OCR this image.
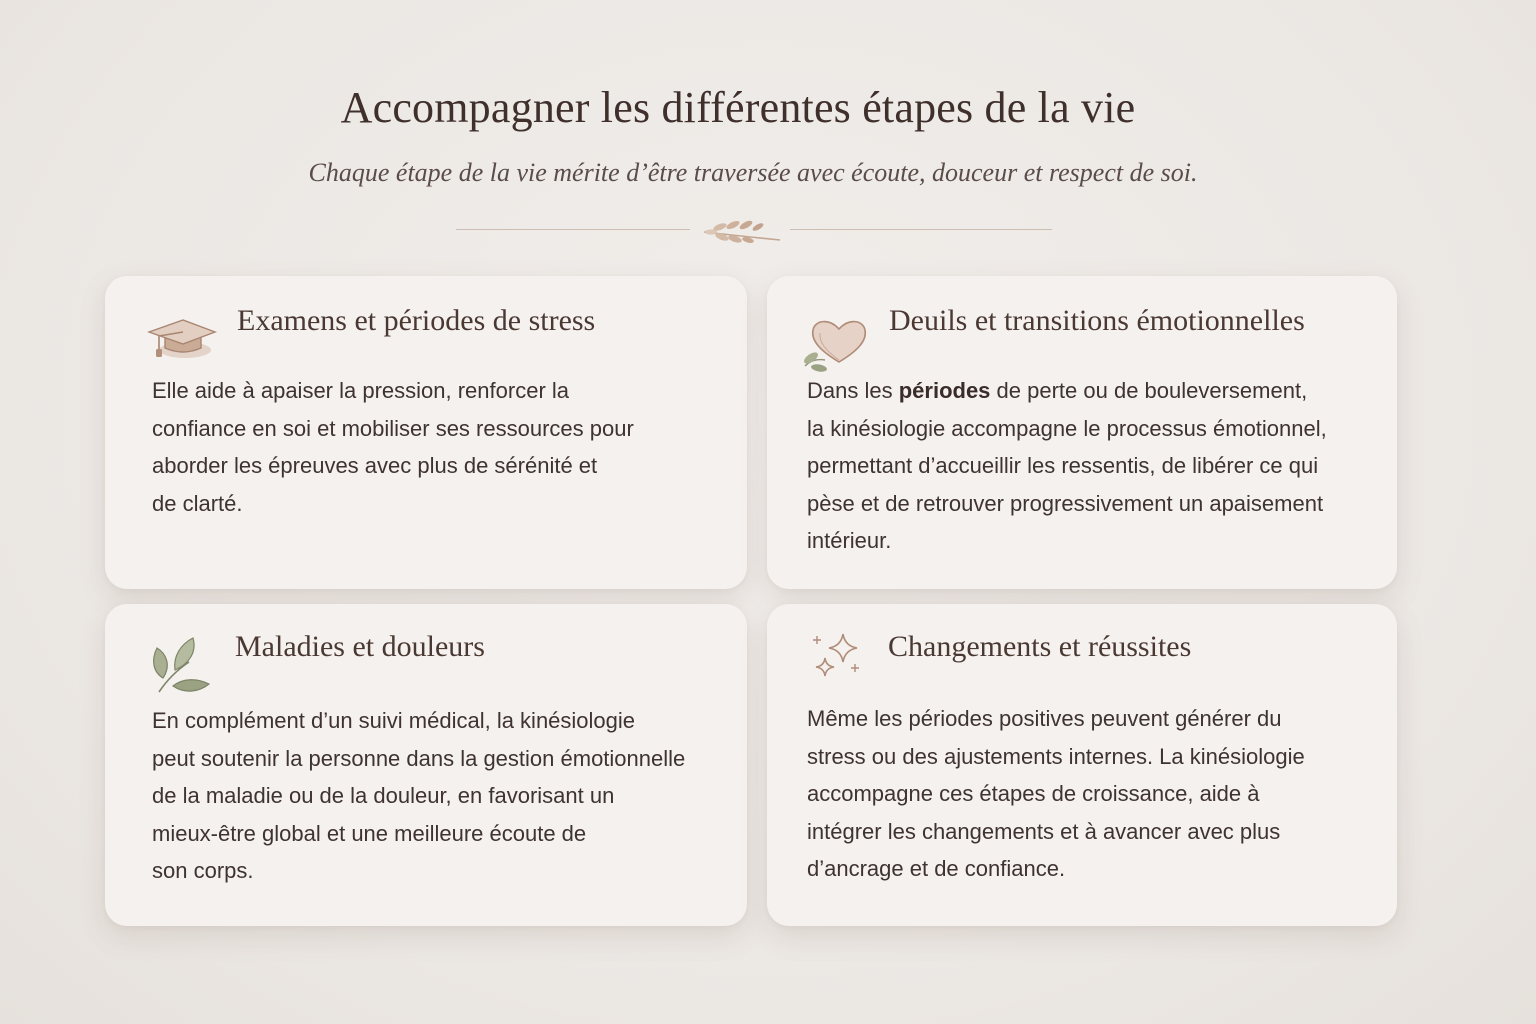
Accompagner les différentes étapes de la vie

Chaque étape de la vie mérite d’être traversée avec écoute, douceur et respect de soi.

Examens et périodes de stress
Elle aide à apaiser la pression, renforcer la
confiance en soi et mobiliser ses ressources pour
aborder les épreuves avec plus de sérénité et
de clarté.
Deuils et transitions émotionnelles
Dans les périodes de perte ou de bouleversement,
la kinésiologie accompagne le processus émotionnel,
permettant d’accueillir les ressentis, de libérer ce qui
pèse et de retrouver progressivement un apaisement
intérieur.
Maladies et douleurs
En complément d’un suivi médical, la kinésiologie
peut soutenir la personne dans la gestion émotionnelle
de la maladie ou de la douleur, en favorisant un
mieux-être global et une meilleure écoute de
son corps.
Changements et réussites
Même les périodes positives peuvent générer du
stress ou des ajustements internes. La kinésiologie
accompagne ces étapes de croissance, aide à
intégrer les changements et à avancer avec plus
d’ancrage et de confiance.
